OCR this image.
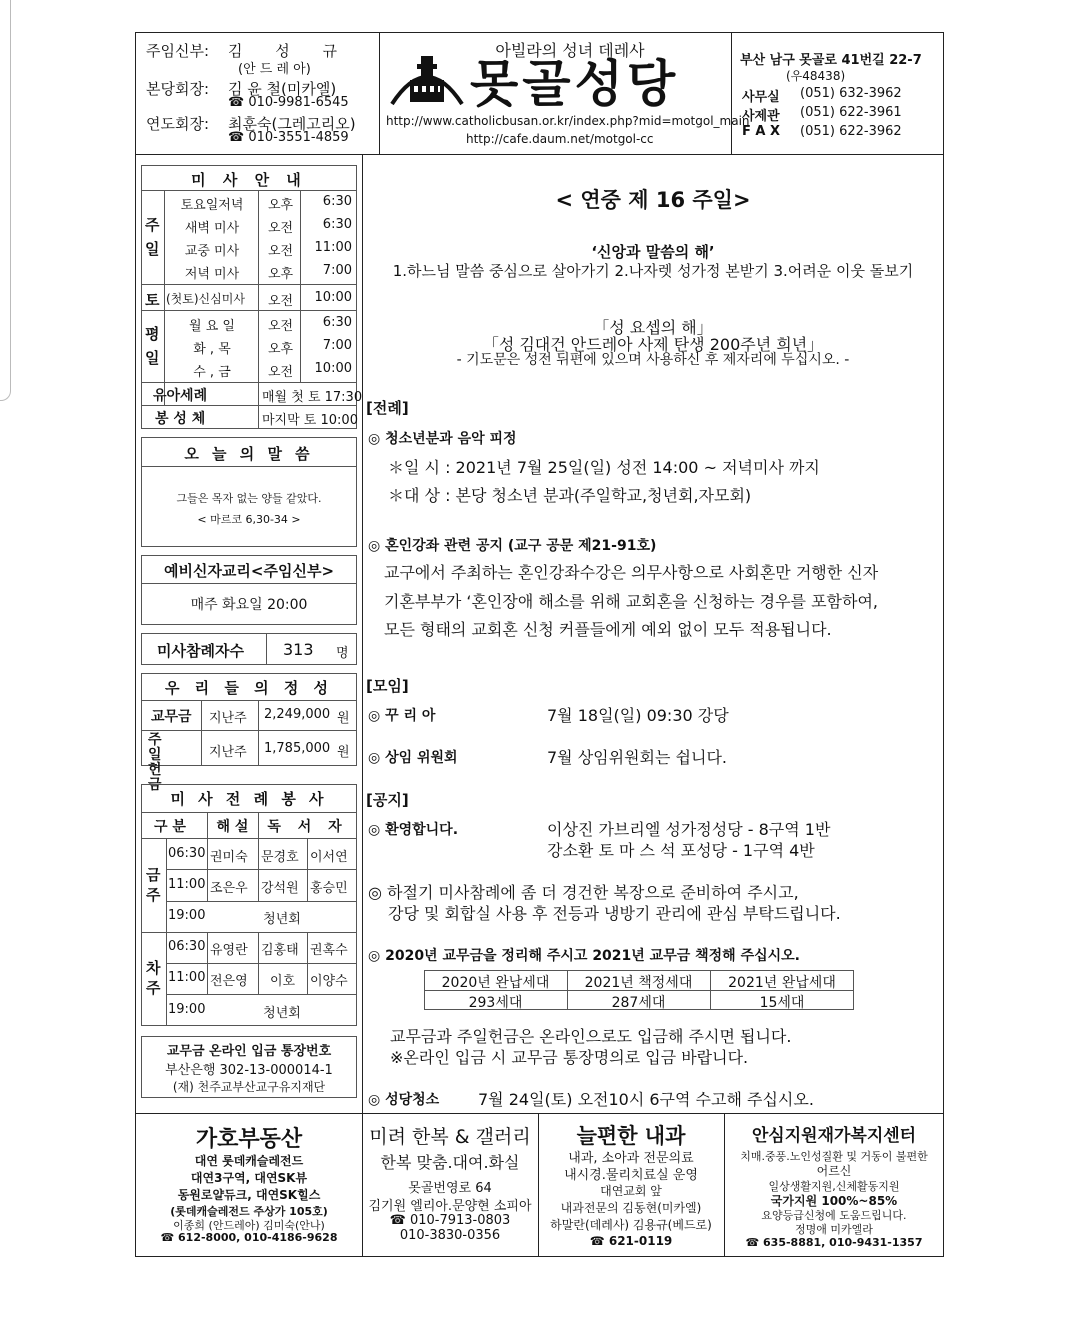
주임신부: 김 성 규
(안 드 레 아)
본당회장: 김 윤 철(미카엘)
☎ 010-9981-6545
연도회장: 최훈숙(그레고리오)
☎ 010-3551-4859
아빌라의 성녀 데레사
못골성당
http://www.catholicbusan.or.kr/index.php?mid=motgol_main
http://cafe.daum.net/motgol-cc
부산 남구 못골로 41번길 22-7
(우48438)
사무실 (051) 632-3962
사제관 (051) 622-3961
F A X (051) 622-3962
미 사 안 내
주일
토요일저녁	오후	6:30
새벽 미사	오전	6:30
교중 미사	오전	11:00
저녁 미사	오후	7:00
토 (첫토)신심미사 오전	10:00
평일
월 요 일	오전	6:30
화 , 목	오후	7:00
수 , 금	오전	10:00
유아세례	매월 첫 토 17:30
봉 성 체	마지막 토 10:00
오 늘 의 말 씀
그들은 목자 없는 양들 같았다.
< 마르코 6,30-34 >
예비신자교리<주임신부>
매주 화요일 20:00
미사참례자수 313 명
우 리 들 의 정 성
교무금 지난주 2,249,000 원
주 일 헌 금
지난주 1,785,000 원
미 사 전 례 봉 사
구 분	해 설	독 서 자
금주
06:30 권미숙 문경호 이서연
11:00 조은우 강석원 홍승민
19:00	청년회
차주
06:30 유영란 김홍태 권혹수
11:00 전은영	이호	이양수
19:00	청년회
교무금 온라인 입금 통장번호
부산은행 302-13-000014-1
(재) 천주교부산교구유지재단
< 연중 제 16 주일>
‘신앙과 말씀의 해’
1.하느님 말씀 중심으로 살아가기 2.나자렛 성가정 본받기 3.어려운 이웃 돌보기
「성 요셉의 해」
「성 김대건 안드레아 사제 탄생 200주년 희년」
- 기도문은 성전 뒤편에 있으며 사용하신 후 제자리에 두십시오. -
[전례]
◎ 청소년분과 음악 피정
＊일 시 : 2021년 7월 25일(일) 성전 14:00 ~ 저녁미사 까지
＊대 상 : 본당 청소년 분과(주일학교,청년회,자모회)
◎ 혼인강좌 관련 공지 (교구 공문 제21-91호)
교구에서 주최하는 혼인강좌수강은 의무사항으로 사회혼만 거행한 신자
기혼부부가 ‘혼인장애 해소를 위해 교회혼을 신청하는 경우를 포함하여,
모든 형태의 교회혼 신청 커플들에게 예외 없이 모두 적용됩니다.
[모임]
◎ 꾸 리 아	7월 18일(일) 09:30 강당
◎ 상임 위원회	7월 상임위원회는 쉽니다.
[공지]
◎ 환영합니다.	이상진 가브리엘 성가정성당 - 8구역 1반
강소환 토 마 스 석 포성당 - 1구역 4반
◎ 하절기 미사참례에 좀 더 경건한 복장으로 준비하여 주시고,
강당 및 회합실 사용 후 전등과 냉방기 관리에 관심 부탁드립니다.
◎ 2020년 교무금을 정리해 주시고 2021년 교무금 책정해 주십시오.
2020년 완납세대	2021년 책정세대	2021년 완납세대
293세대	287세대	15세대
교무금과 주일헌금은 온라인으로도 입금해 주시면 됩니다.
※온라인 입금 시 교무금 통장명의로 입금 바랍니다.
◎ 성당청소 7월 24일(토) 오전10시 6구역 수고해 주십시오.
가호부동산
대연 롯데캐슬레전드
대연3구역, 대연SK뷰
동원로얄듀크, 대연SK힐스
(롯데캐슬레전드 주상가 105호)
이종희 (안드레아) 김미숙(안나)
☎ 612-8000, 010-4186-9628
미려 한복 & 갤러리
한복 맞춤.대여.화실
못골번영로 64
김기원 엘리아.문양현 소피아
☎ 010-7913-0803
010-3830-0356
늘편한 내과
내과, 소아과 전문의료
내시경.물리치료실 운영
대연교회 앞
내과전문의 김동현(미카엘)
하말란(데레사) 김용규(베드로)
☎ 621-0119
안심지원재가복지센터
치매.중풍.노인성질환 및 거동이 불편한
어르신
일상생활지원,신체활동지원
국가지원 100%~85%
요양등급신청에 도움드립니다.
정명애 미카엘라
☎ 635-8881, 010-9431-1357
